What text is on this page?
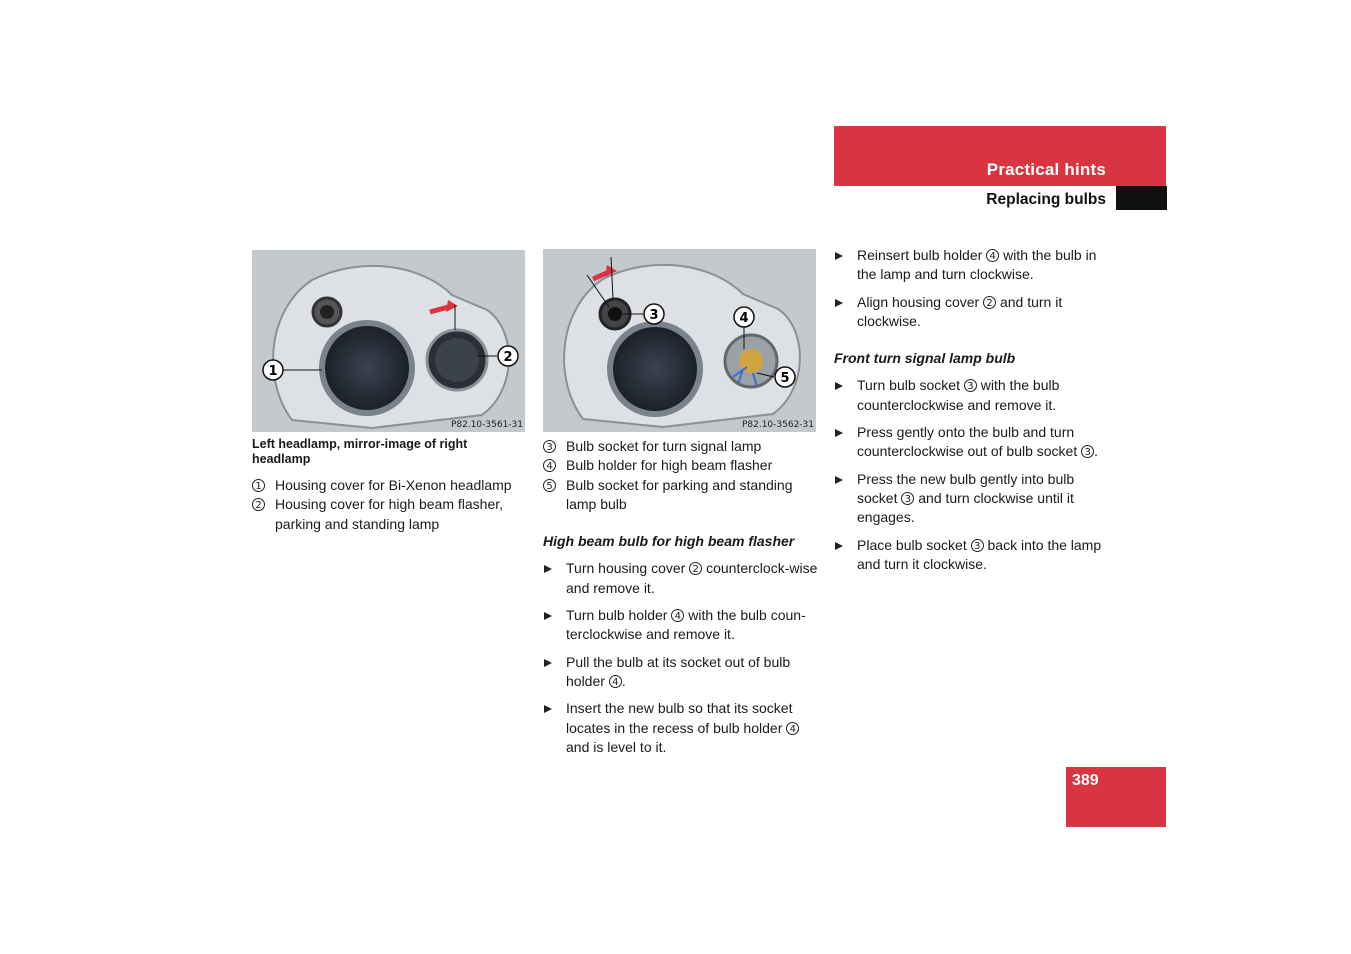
Practical hints
Replacing bulbs
1
2
P82.10-3561-31
3	4
5
P82.10-3562-31

Left headlamp, mirror-image of right headlamp

1 Housing cover for Bi-Xenon headlamp

2 Housing cover for high beam flasher, parking and standing lamp

3 Bulb socket for turn signal lamp

4 Bulb holder for high beam flasher

5 Bulb socket for parking and standing lamp bulb

High beam bulb for high beam flasher

Turn housing cover 2 counterclock-wise and remove it.

Turn bulb holder 4 with the bulb coun-terclockwise and remove it.

Pull the bulb at its socket out of bulb holder 4 .

Insert the new bulb so that its socket locates in the recess of bulb holder 4 and is level to it.

Reinsert bulb holder 4 with the bulb in the lamp and turn clockwise.

Align housing cover 2 and turn it clockwise.

Front turn signal lamp bulb

Turn bulb socket 3 with the bulb counterclockwise and remove it.

Press gently onto the bulb and turn counterclockwise out of bulb socket 3 .

Press the new bulb gently into bulb socket 3 and turn clockwise until it engages.

Place bulb socket 3 back into the lamp and turn it clockwise.

389
